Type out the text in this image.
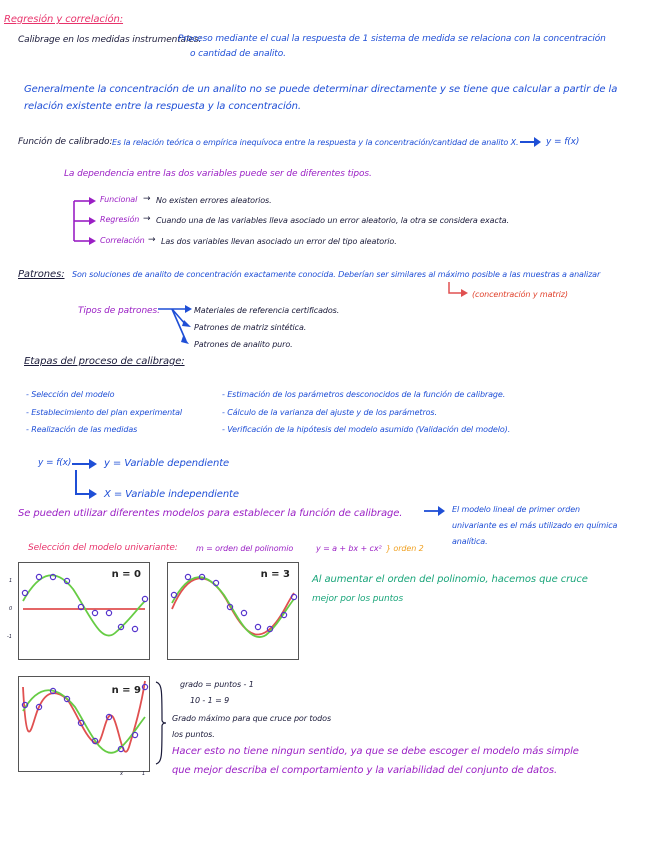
Regresión y correlación:
Calibrage en los medidas instrumentales:
Proceso mediante el cual la respuesta de 1 sistema de medida se relaciona con la concentración
o cantidad de analito.
Generalmente la concentración de un analito no se puede determinar directamente y se tiene que calcular a partir de la
relación existente entre la respuesta y la concentración.
Función de calibrado: Es la relación teórica o empírica inequívoca entre la respuesta y la concentración/cantidad de analito X.	y = f(x)
La dependencia entre las dos variables puede ser de diferentes tipos.
Funcional → No existen errores aleatorios.
Regresión → Cuando una de las variables lleva asociado un error aleatorio, la otra se considera exacta.
Correlación → Las dos variables llevan asociado un error del tipo aleatorio.
Patrones: Son soluciones de analito de concentración exactamente conocida. Deberían ser similares al máximo posible a las muestras a analizar
(concentración y matriz)
Tipos de patrones:	Materiales de referencia certificados.
Patrones de matriz sintética.
Patrones de analito puro.
Etapas del proceso de calibrage:
- Selección del modelo
- Establecimiento del plan experimental
- Realización de las medidas
- Estimación de los parámetros desconocidos de la función de calibrage.
- Cálculo de la varianza del ajuste y de los parámetros.
- Verificación de la hipótesis del modelo asumido (Validación del modelo).
y = f(x)	y = Variable dependiente
X = Variable independiente
Se pueden utilizar diferentes modelos para establecer la función de calibrage.	El modelo lineal de primer orden
univariante es el más utilizado en química
analítica.
Selección del modelo univariante: m = orden del polinomio	y = a + bx + cx² } orden 2
n = 0
1
0
-1
n = 3
n = 9
x	1
Al aumentar el orden del polinomio, hacemos que cruce
mejor por los puntos
grado = puntos - 1
10 - 1 = 9
Grado máximo para que cruce por todos
los puntos.
Hacer esto no tiene ningun sentido, ya que se debe escoger el modelo más simple
que mejor describa el comportamiento y la variabilidad del conjunto de datos.
